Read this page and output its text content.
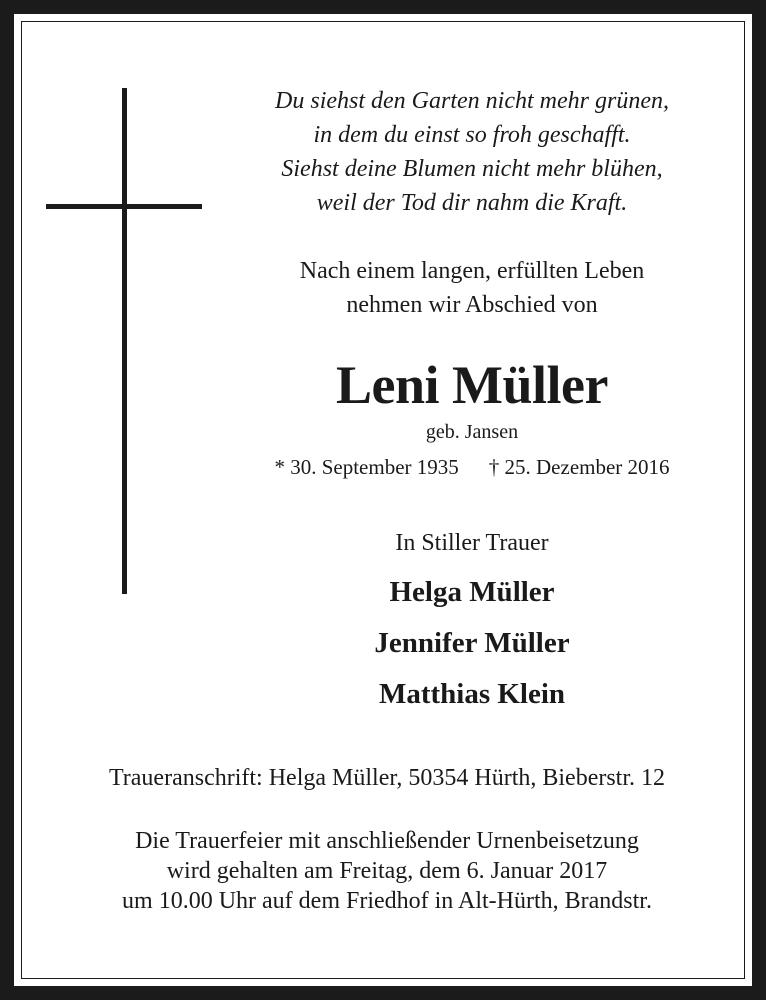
Du siehst den Garten nicht mehr grünen,
in dem du einst so froh geschafft.
Siehst deine Blumen nicht mehr blühen,
weil der Tod dir nahm die Kraft.
Nach einem langen, erfüllten Leben
nehmen wir Abschied von
Leni Müller
geb. Jansen
* 30. September 1935 † 25. Dezember 2016
In Stiller Trauer
Helga Müller
Jennifer Müller
Matthias Klein
Traueranschrift: Helga Müller, 50354 Hürth, Bieberstr. 12
Die Trauerfeier mit anschließender Urnenbeisetzung
wird gehalten am Freitag, dem 6. Januar 2017
um 10.00 Uhr auf dem Friedhof in Alt-Hürth, Brandstr.
